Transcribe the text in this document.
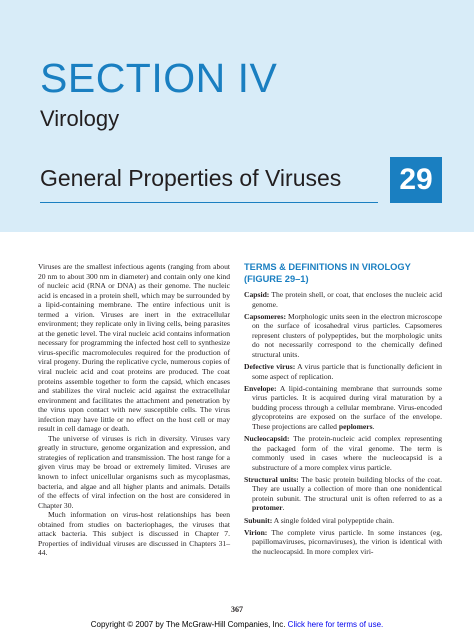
SECTION IV
Virology
General Properties of Viruses	29

Viruses are the smallest infectious agents (ranging from about 20 nm to about 300 nm in diameter) and contain only one kind of nucleic acid (RNA or DNA) as their genome. The nucleic acid is encased in a protein shell, which may be surrounded by a lipid-containing membrane. The entire infectious unit is termed a virion. Viruses are inert in the extracellular environment; they replicate only in living cells, being parasites at the genetic level. The viral nucleic acid contains information necessary for programming the infected host cell to synthesize virus-specific macromolecules required for the production of viral progeny. During the replicative cycle, numerous copies of viral nucleic acid and coat proteins are produced. The coat proteins assemble together to form the capsid, which encases and stabilizes the viral nucleic acid against the extracellular environment and facilitates the attachment and penetration by the virus upon contact with new susceptible cells. The virus infection may have little or no effect on the host cell or may result in cell damage or death.

The universe of viruses is rich in diversity. Viruses vary greatly in structure, genome organization and expression, and strategies of replication and transmission. The host range for a given virus may be broad or extremely limited. Viruses are known to infect unicellular organisms such as mycoplasmas, bacteria, and algae and all higher plants and animals. Details of the effects of viral infection on the host are considered in Chapter 30.

Much information on virus-host relationships has been obtained from studies on bacteriophages, the viruses that attack bacteria. This subject is discussed in Chapter 7. Properties of individual viruses are discussed in Chapters 31–44.

TERMS & DEFINITIONS IN VIROLOGY
(FIGURE 29–1)
Capsid: The protein shell, or coat, that encloses the nucleic acid genome.
Capsomeres: Morphologic units seen in the electron microscope on the surface of icosahedral virus particles. Capsomeres represent clusters of polypeptides, but the morphologic units do not necessarily correspond to the chemically defined structural units.
Defective virus: A virus particle that is functionally deficient in some aspect of replication.
Envelope: A lipid-containing membrane that surrounds some virus particles. It is acquired during viral maturation by a budding process through a cellular membrane. Virus-encoded glycoproteins are exposed on the surface of the envelope. These projections are called peplomers.
Nucleocapsid: The protein-nucleic acid complex representing the packaged form of the viral genome. The term is commonly used in cases where the nucleocapsid is a substructure of a more complex virus particle.
Structural units: The basic protein building blocks of the coat. They are usually a collection of more than one nonidentical protein subunit. The structural unit is often referred to as a protomer.
Subunit: A single folded viral polypeptide chain.
Virion: The complete virus particle. In some instances (eg, papillomaviruses, picornaviruses), the virion is identical with the nucleocapsid. In more complex viri-
367
Copyright © 2007 by The McGraw-Hill Companies, Inc. Click here for terms of use.
